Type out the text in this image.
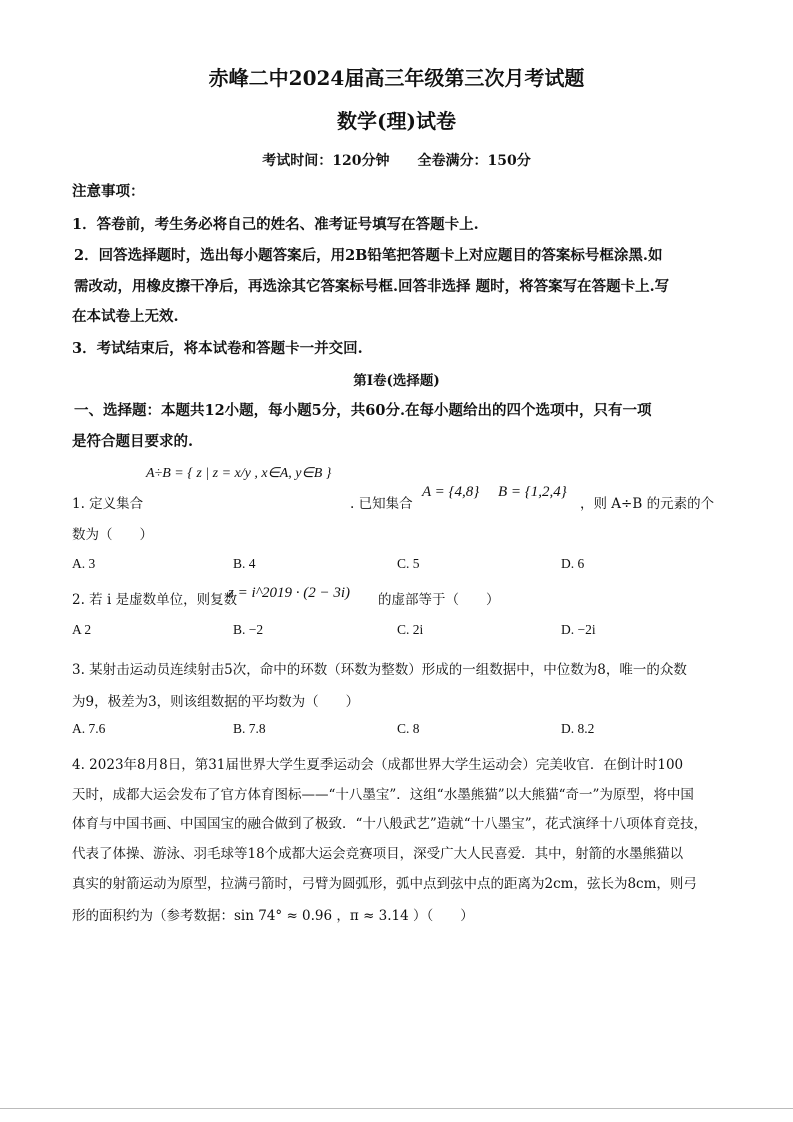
赤峰二中2024届高三年级第三次月考试题
数学(理)试卷
考试时间：120分钟　　全卷满分：150分
注意事项：
1．答卷前，考生务必将自己的姓名、准考证号填写在答题卡上.
2．回答选择题时，选出每小题答案后，用2B铅笔把答题卡上对应题目的答案标号框涂黑.如
需改动，用橡皮擦干净后，再选涂其它答案标号框.回答非选择 题时，将答案写在答题卡上.写
在本试卷上无效.
3．考试结束后，将本试卷和答题卡一并交回.
第Ⅰ卷(选择题)
一、选择题：本题共12小题，每小题5分，共60分.在每小题给出的四个选项中，只有一项
是符合题目要求的.
1. 定义集合
A÷B = { z | z = x/y , x∈A, y∈B }
. 已知集合
A = {4,8} B = {1,2,4}
，则 A÷B 的元素的个
数为（　　）
A. 3	B. 4	C. 5	D. 6
2. 若 i 是虚数单位，则复数
z = i^2019 · (2 − 3i) 的虚部等于（　　）
A 2	B. −2	C. 2i	D. −2i
3. 某射击运动员连续射击5次，命中的环数（环数为整数）形成的一组数据中，中位数为8，唯一的众数
为9，极差为3，则该组数据的平均数为（　　）
A. 7.6	B. 7.8	C. 8	D. 8.2
4. 2023年8月8日，第31届世界大学生夏季运动会（成都世界大学生运动会）完美收官．在倒计时100
天时，成都大运会发布了官方体育图标——“十八墨宝”．这组“水墨熊猫”以大熊猫“奇一”为原型，将中国
体育与中国书画、中国国宝的融合做到了极致．“十八般武艺”造就“十八墨宝”，花式演绎十八项体育竞技，
代表了体操、游泳、羽毛球等18个成都大运会竞赛项目，深受广大人民喜爱．其中，射箭的水墨熊猫以
真实的射箭运动为原型，拉满弓箭时，弓臂为圆弧形，弧中点到弦中点的距离为2cm，弦长为8cm，则弓
形的面积约为（参考数据：sin 74° ≈ 0.96 ，π ≈ 3.14 ）（　　）
